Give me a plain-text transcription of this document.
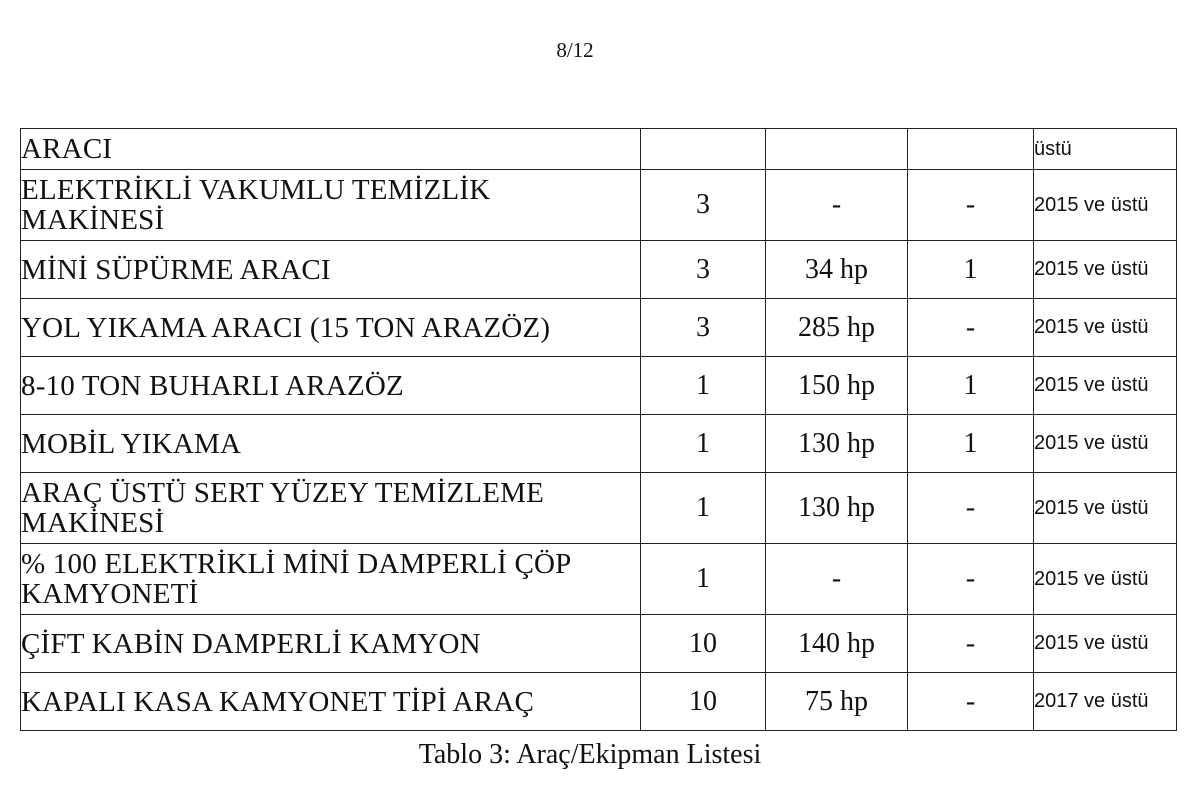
8/12
ARACI				üstü
ELEKTRİKLİ VAKUMLU TEMİZLİK MAKİNESİ	3	-	-	2015 ve üstü
MİNİ SÜPÜRME ARACI	3	34 hp	1	2015 ve üstü
YOL YIKAMA ARACI (15 TON ARAZÖZ)	3	285 hp	-	2015 ve üstü
8-10 TON BUHARLI ARAZÖZ	1	150 hp	1	2015 ve üstü
MOBİL YIKAMA	1	130 hp	1	2015 ve üstü
ARAÇ ÜSTÜ SERT YÜZEY TEMİZLEME MAKİNESİ	1	130 hp	-	2015 ve üstü
% 100 ELEKTRİKLİ MİNİ DAMPERLİ ÇÖP KAMYONETİ	1	-	-	2015 ve üstü
ÇİFT KABİN DAMPERLİ KAMYON	10	140 hp	-	2015 ve üstü
KAPALI KASA KAMYONET TİPİ ARAÇ	10	75 hp	-	2017 ve üstü
Tablo 3: Araç/Ekipman Listesi
